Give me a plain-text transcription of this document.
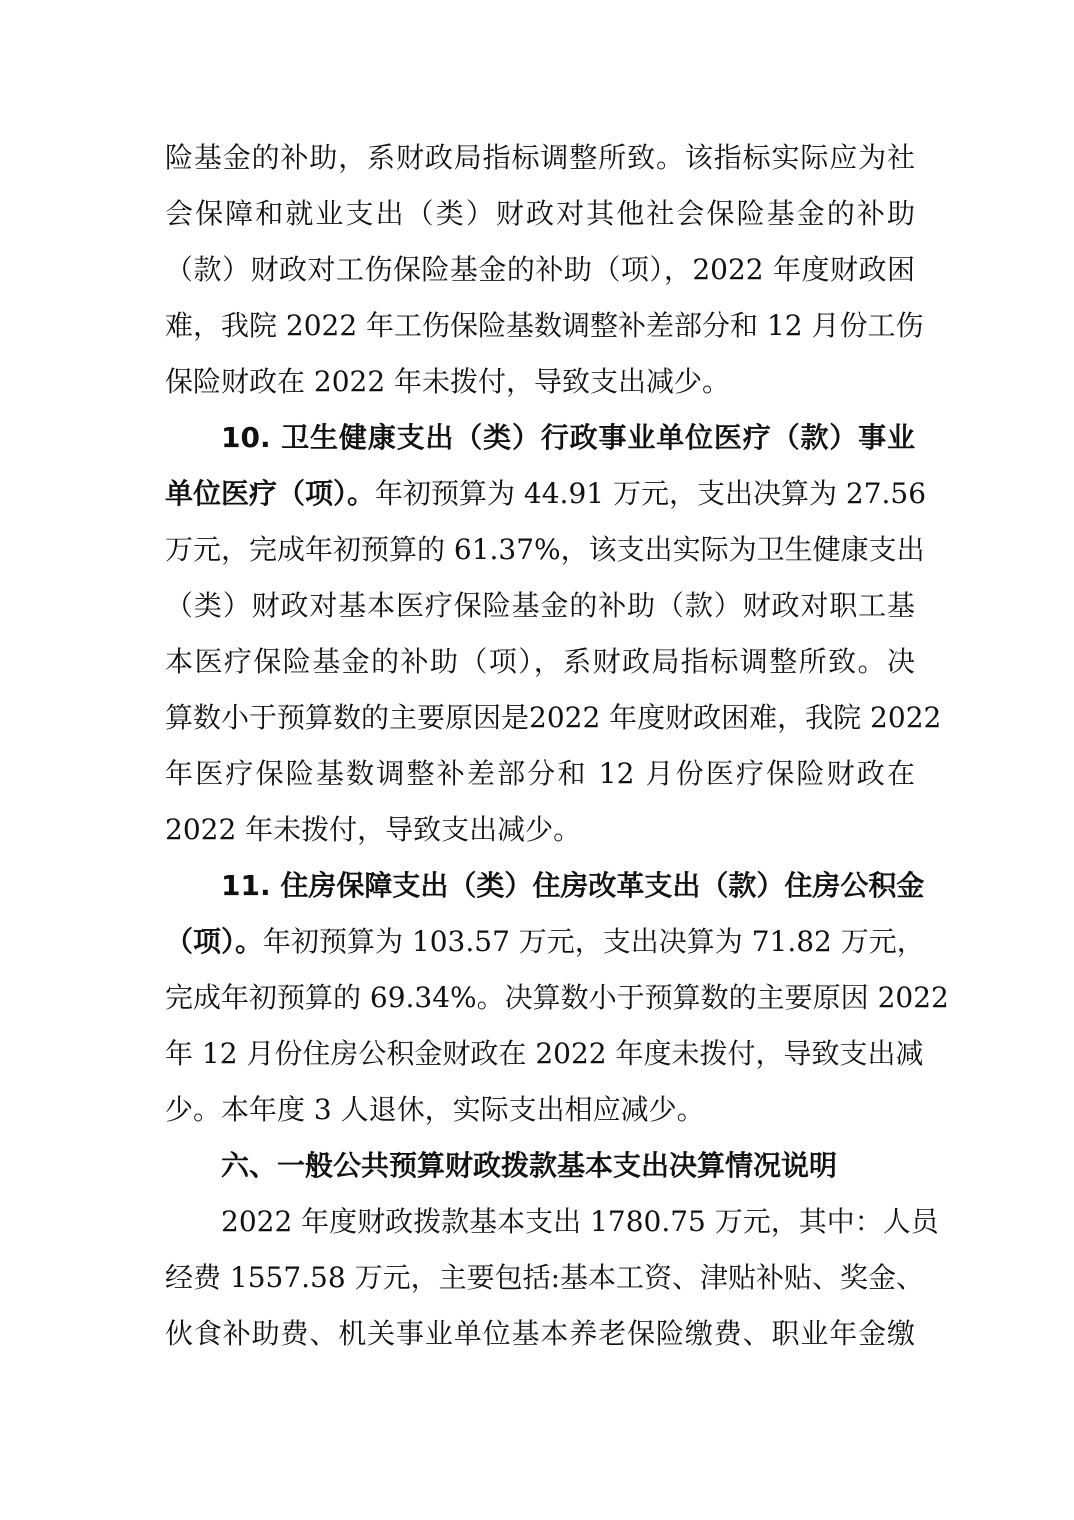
险基金的补助，系财政局指标调整所致。该指标实际应为社
会保障和就业支出（类）财政对其他社会保险基金的补助
（款）财政对工伤保险基金的补助（项），2022 年度财政困
难，我院 2022 年工伤保险基数调整补差部分和 12 月份工伤
保险财政在 2022 年未拨付，导致支出减少。
10. 卫生健康支出（类）行政事业单位医疗（款）事业
单位医疗（项）。年初预算为 44.91 万元，支出决算为 27.56
万元，完成年初预算的 61.37%，该支出实际为卫生健康支出
（类）财政对基本医疗保险基金的补助（款）财政对职工基
本医疗保险基金的补助（项），系财政局指标调整所致。决
算数小于预算数的主要原因是2022 年度财政困难，我院 2022
年医疗保险基数调整补差部分和 12 月份医疗保险财政在
2022 年未拨付，导致支出减少。
11. 住房保障支出（类）住房改革支出（款）住房公积金
（项）。年初预算为 103.57 万元，支出决算为 71.82 万元，
完成年初预算的 69.34%。决算数小于预算数的主要原因 2022
年 12 月份住房公积金财政在 2022 年度未拨付，导致支出减
少。本年度 3 人退休，实际支出相应减少。
六、一般公共预算财政拨款基本支出决算情况说明
2022 年度财政拨款基本支出 1780.75 万元，其中：人员
经费 1557.58 万元，主要包括:基本工资、津贴补贴、奖金、
伙食补助费、机关事业单位基本养老保险缴费、职业年金缴
